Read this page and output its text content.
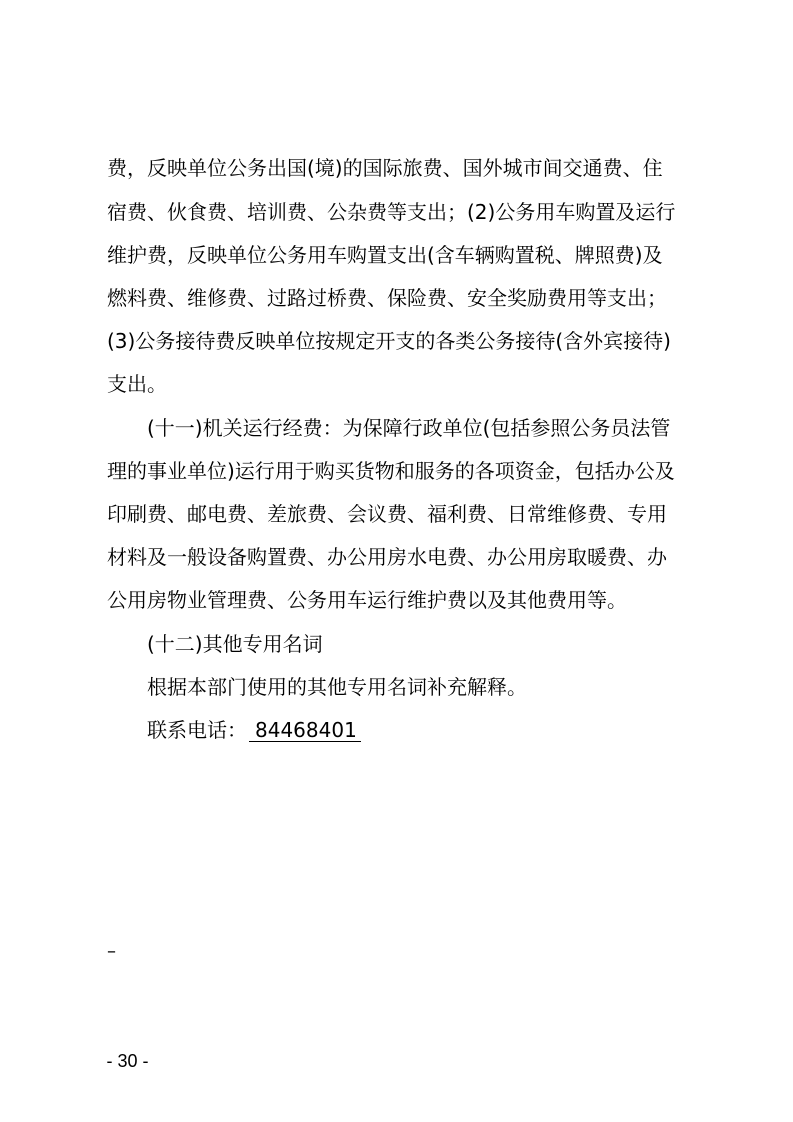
费，反映单位公务出国(境)的国际旅费、国外城市间交通费、住
宿费、伙食费、培训费、公杂费等支出；(2)公务用车购置及运行
维护费，反映单位公务用车购置支出(含车辆购置税、牌照费)及
燃料费、维修费、过路过桥费、保险费、安全奖励费用等支出；
(3)公务接待费反映单位按规定开支的各类公务接待(含外宾接待)
支出。
(十一)机关运行经费：为保障行政单位(包括参照公务员法管
理的事业单位)运行用于购买货物和服务的各项资金，包括办公及
印刷费、邮电费、差旅费、会议费、福利费、日常维修费、专用
材料及一般设备购置费、办公用房水电费、办公用房取暖费、办
公用房物业管理费、公务用车运行维护费以及其他费用等。
(十二)其他专用名词
根据本部门使用的其他专用名词补充解释。
联系电话： 84468401
–
- 30 -
